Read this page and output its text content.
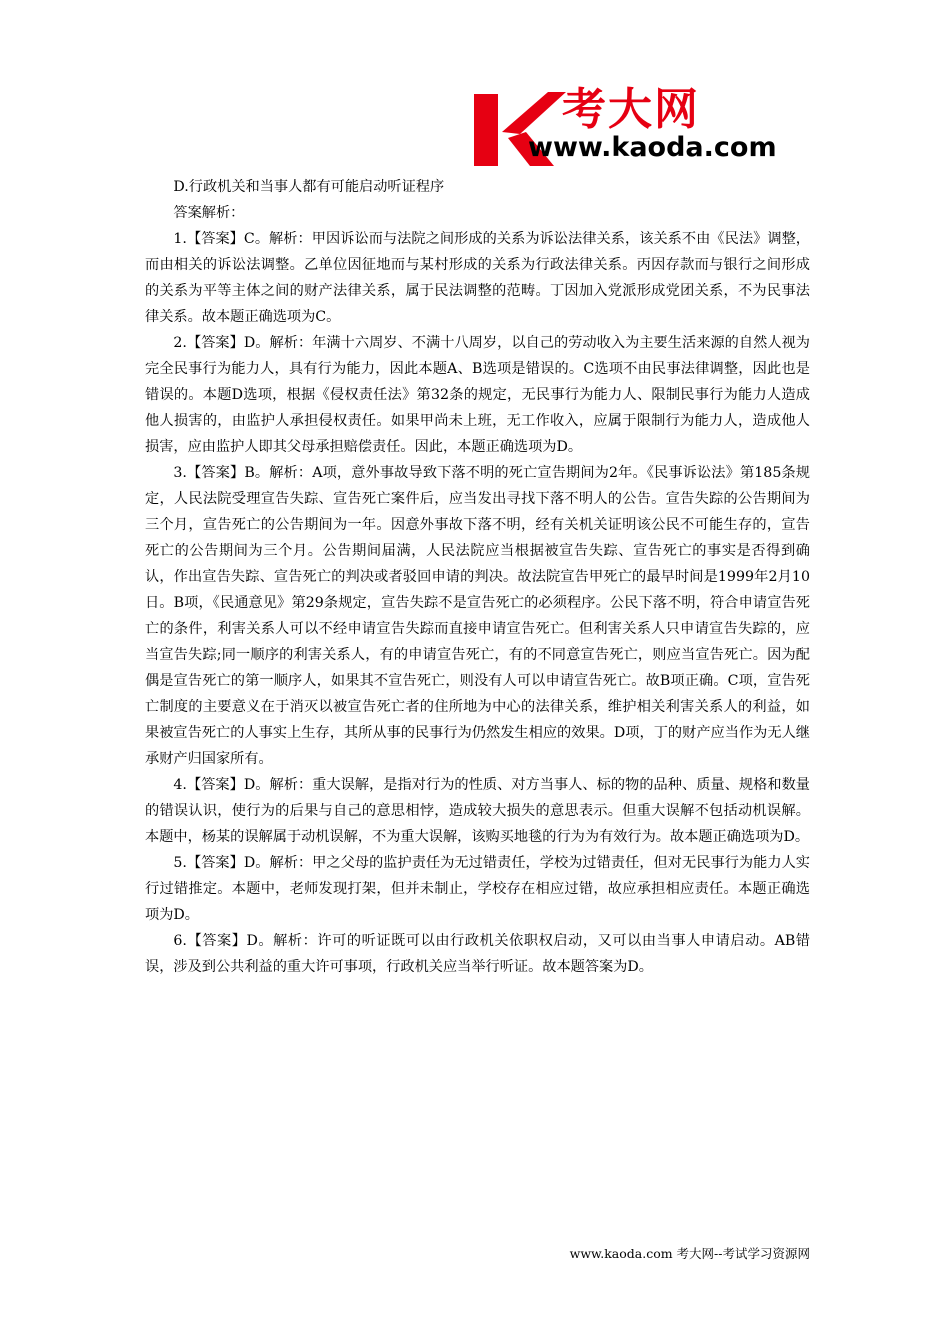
考大网
www.kaoda.com

D.行政机关和当事人都有可能启动听证程序

答案解析：

1.【答案】C。解析：甲因诉讼而与法院之间形成的关系为诉讼法律关系，该关系不由《民法》调整，而由相关的诉讼法调整。乙单位因征地而与某村形成的关系为行政法律关系。丙因存款而与银行之间形成的关系为平等主体之间的财产法律关系，属于民法调整的范畴。丁因加入党派形成党团关系，不为民事法律关系。故本题正确选项为C。

2.【答案】D。解析：年满十六周岁、不满十八周岁，以自己的劳动收入为主要生活来源的自然人视为完全民事行为能力人，具有行为能力，因此本题A、B选项是错误的。C选项不由民事法律调整，因此也是错误的。本题D选项，根据《侵权责任法》第32条的规定，无民事行为能力人、限制民事行为能力人造成他人损害的，由监护人承担侵权责任。如果甲尚未上班，无工作收入，应属于限制行为能力人，造成他人损害，应由监护人即其父母承担赔偿责任。因此，本题正确选项为D。

3.【答案】B。解析：A项，意外事故导致下落不明的死亡宣告期间为2年。《民事诉讼法》第185条规定，人民法院受理宣告失踪、宣告死亡案件后，应当发出寻找下落不明人的公告。宣告失踪的公告期间为三个月，宣告死亡的公告期间为一年。因意外事故下落不明，经有关机关证明该公民不可能生存的，宣告死亡的公告期间为三个月。公告期间届满，人民法院应当根据被宣告失踪、宣告死亡的事实是否得到确认，作出宣告失踪、宣告死亡的判决或者驳回申请的判决。故法院宣告甲死亡的最早时间是1999年2月10日。B项，《民通意见》第29条规定，宣告失踪不是宣告死亡的必须程序。公民下落不明，符合申请宣告死亡的条件，利害关系人可以不经申请宣告失踪而直接申请宣告死亡。但利害关系人只申请宣告失踪的，应当宣告失踪;同一顺序的利害关系人，有的申请宣告死亡，有的不同意宣告死亡，则应当宣告死亡。因为配偶是宣告死亡的第一顺序人，如果其不宣告死亡，则没有人可以申请宣告死亡。故B项正确。C项，宣告死亡制度的主要意义在于消灭以被宣告死亡者的住所地为中心的法律关系，维护相关利害关系人的利益，如果被宣告死亡的人事实上生存，其所从事的民事行为仍然发生相应的效果。D项，丁的财产应当作为无人继承财产归国家所有。

4.【答案】D。解析：重大误解，是指对行为的性质、对方当事人、标的物的品种、质量、规格和数量的错误认识，使行为的后果与自己的意思相悖，造成较大损失的意思表示。但重大误解不包括动机误解。本题中，杨某的误解属于动机误解，不为重大误解，该购买地毯的行为为有效行为。故本题正确选项为D。

5.【答案】D。解析：甲之父母的监护责任为无过错责任，学校为过错责任，但对无民事行为能力人实行过错推定。本题中，老师发现打架，但并未制止，学校存在相应过错，故应承担相应责任。本题正确选项为D。

6.【答案】D。解析：许可的听证既可以由行政机关依职权启动，又可以由当事人申请启动。AB错误，涉及到公共利益的重大许可事项，行政机关应当举行听证。故本题答案为D。

www.kaoda.com 考大网--考试学习资源网
